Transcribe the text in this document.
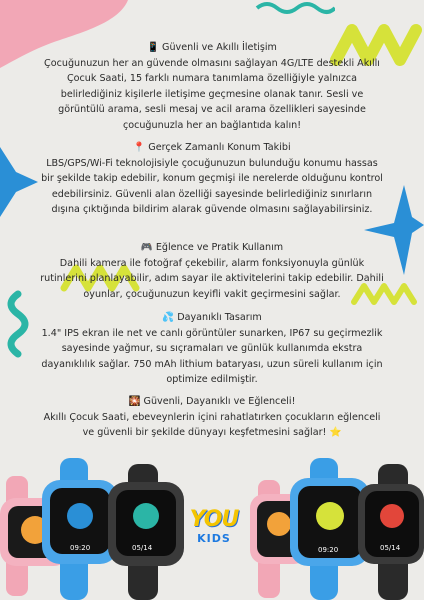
📱 Güvenli ve Akıllı İletişim
Çocuğunuzun her an güvende olmasını sağlayan 4G/LTE destekli Akıllı Çocuk Saati, 15 farklı numara tanımlama özelliğiyle yalnızca belirlediğiniz kişilerle iletişime geçmesine olanak tanır. Sesli ve görüntülü arama, sesli mesaj ve acil arama özellikleri sayesinde çocuğunuzla her an bağlantıda kalın!
📍 Gerçek Zamanlı Konum Takibi
LBS/GPS/Wi-Fi teknolojisiyle çocuğunuzun bulunduğu konumu hassas bir şekilde takip edebilir, konum geçmişi ile nerelerde olduğunu kontrol edebilirsiniz. Güvenli alan özelliği sayesinde belirlediğiniz sınırların dışına çıktığında bildirim alarak güvende olmasını sağlayabilirsiniz.
🎮 Eğlence ve Pratik Kullanım
Dahili kamera ile fotoğraf çekebilir, alarm fonksiyonuyla günlük rutinlerini planlayabilir, adım sayar ile aktivitelerini takip edebilir. Dahili oyunlar, çocuğunuzun keyifli vakit geçirmesini sağlar.
💦 Dayanıklı Tasarım
1.4" IPS ekran ile net ve canlı görüntüler sunarken, IP67 su geçirmezlik sayesinde yağmur, su sıçramaları ve günlük kullanımda ekstra dayanıklılık sağlar. 750 mAh lithium bataryası, uzun süreli kullanım için optimize edilmiştir.
🎇 Güvenli, Dayanıklı ve Eğlenceli!
Akıllı Çocuk Saati, ebeveynlerin içini rahatlatırken çocukların eğlenceli ve güvenli bir şekilde dünyayı keşfetmesini sağlar! ⭐
09:20	05/14	09:20	05/14
YOU
KIDS
